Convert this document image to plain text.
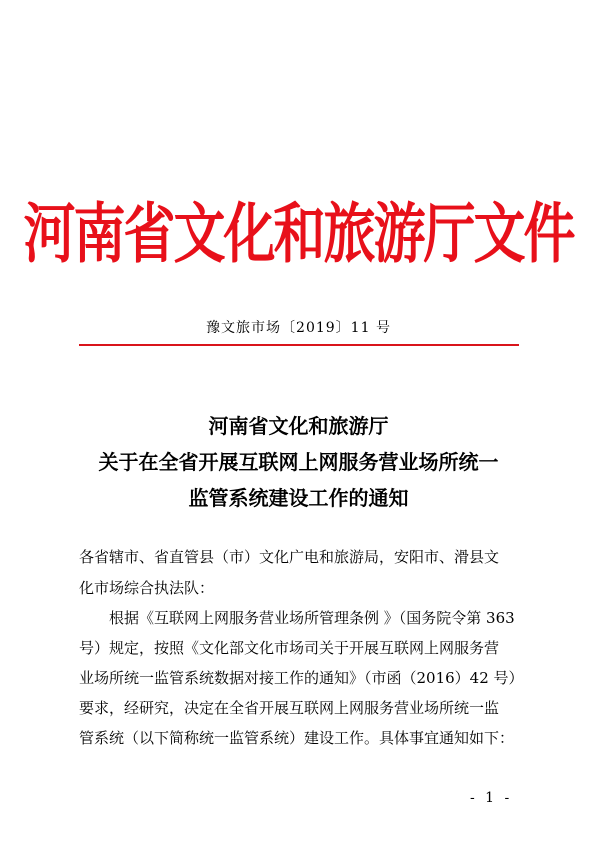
河南省文化和旅游厅文件
豫文旅市场〔2019〕11 号
河南省文化和旅游厅
关于在全省开展互联网上网服务营业场所统一
监管系统建设工作的通知
各省辖市、省直管县（市）文化广电和旅游局，安阳市、滑县文
化市场综合执法队：
　　根据《互联网上网服务营业场所管理条例 》（国务院令第 363
号）规定，按照《文化部文化市场司关于开展互联网上网服务营
业场所统一监管系统数据对接工作的通知》（市函（2016）42 号）
要求，经研究，决定在全省开展互联网上网服务营业场所统一监
管系统（以下简称统一监管系统）建设工作。具体事宜通知如下：
- 1 -
